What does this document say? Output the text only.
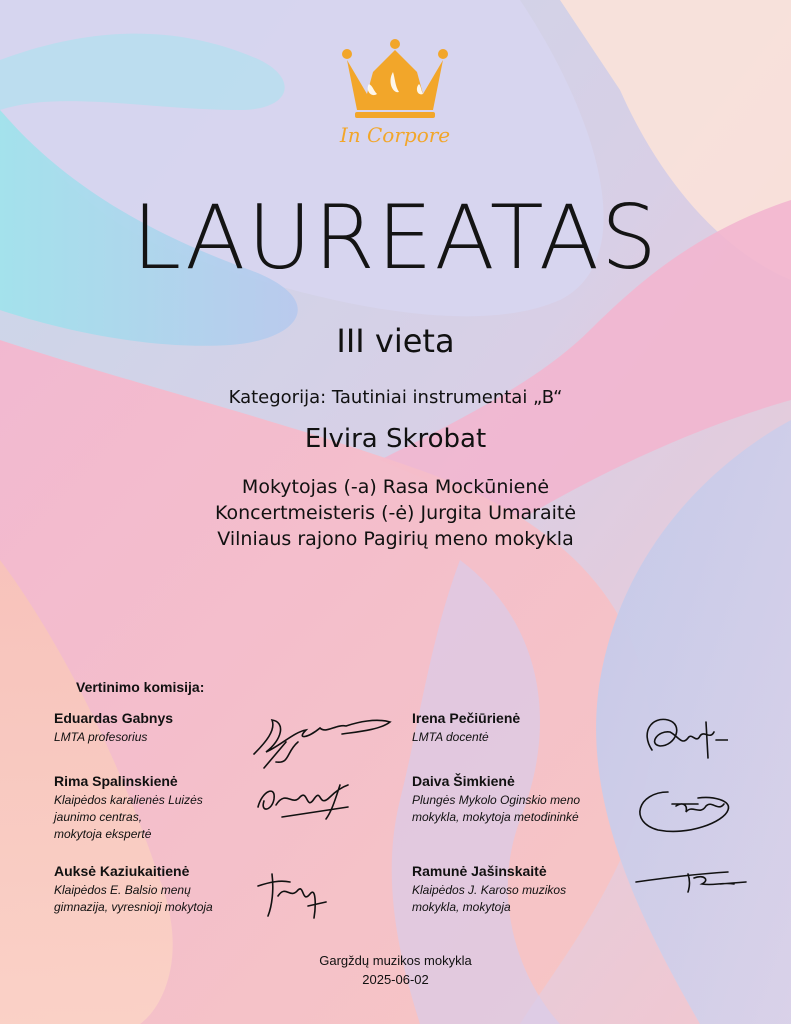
In Corpore
LAUREATAS
III vieta
Kategorija: Tautiniai instrumentai „B“
Elvira Skrobat
Mokytojas (-a) Rasa Mockūnienė
Koncertmeisteris (-ė) Jurgita Umaraitė
Vilniaus rajono Pagirių meno mokykla
Vertinimo komisija:
Eduardas Gabnys
LMTA profesorius
Irena Pečiūrienė
LMTA docentė
Rima Spalinskienė
Klaipėdos karalienės Luizės
jaunimo centras,
mokytoja ekspertė
Daiva Šimkienė
Plungės Mykolo Oginskio meno
mokykla, mokytoja metodininkė
Auksė Kaziukaitienė
Klaipėdos E. Balsio menų
gimnazija, vyresnioji mokytoja
Ramunė Jašinskaitė
Klaipėdos J. Karoso muzikos
mokykla, mokytoja
Gargždų muzikos mokykla
2025-06-02
